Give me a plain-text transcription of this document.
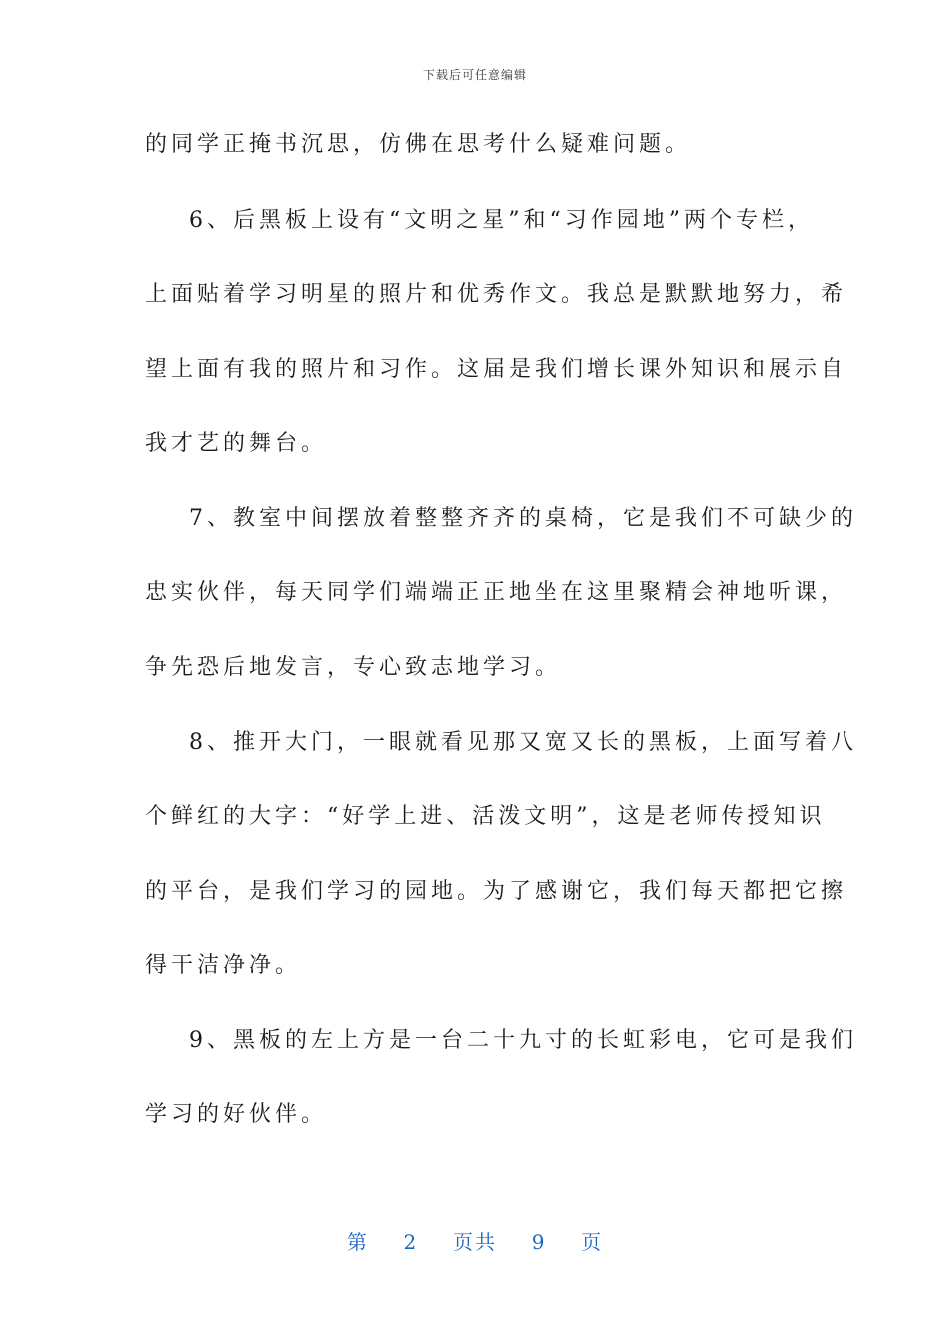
下载后可任意编辑
的同学正掩书沉思，仿佛在思考什么疑难问题。
6、后黑板上设有“文明之星”和“习作园地”两个专栏，
上面贴着学习明星的照片和优秀作文。我总是默默地努力，希
望上面有我的照片和习作。这届是我们增长课外知识和展示自
我才艺的舞台。
7、教室中间摆放着整整齐齐的桌椅，它是我们不可缺少的
忠实伙伴，每天同学们端端正正地坐在这里聚精会神地听课，
争先恐后地发言，专心致志地学习。
8、推开大门，一眼就看见那又宽又长的黑板，上面写着八
个鲜红的大字：“好学上进、活泼文明”，这是老师传授知识
的平台，是我们学习的园地。为了感谢它，我们每天都把它擦
得干洁净净。
9、黑板的左上方是一台二十九寸的长虹彩电，它可是我们
学习的好伙伴。
第 2 页共 9 页
